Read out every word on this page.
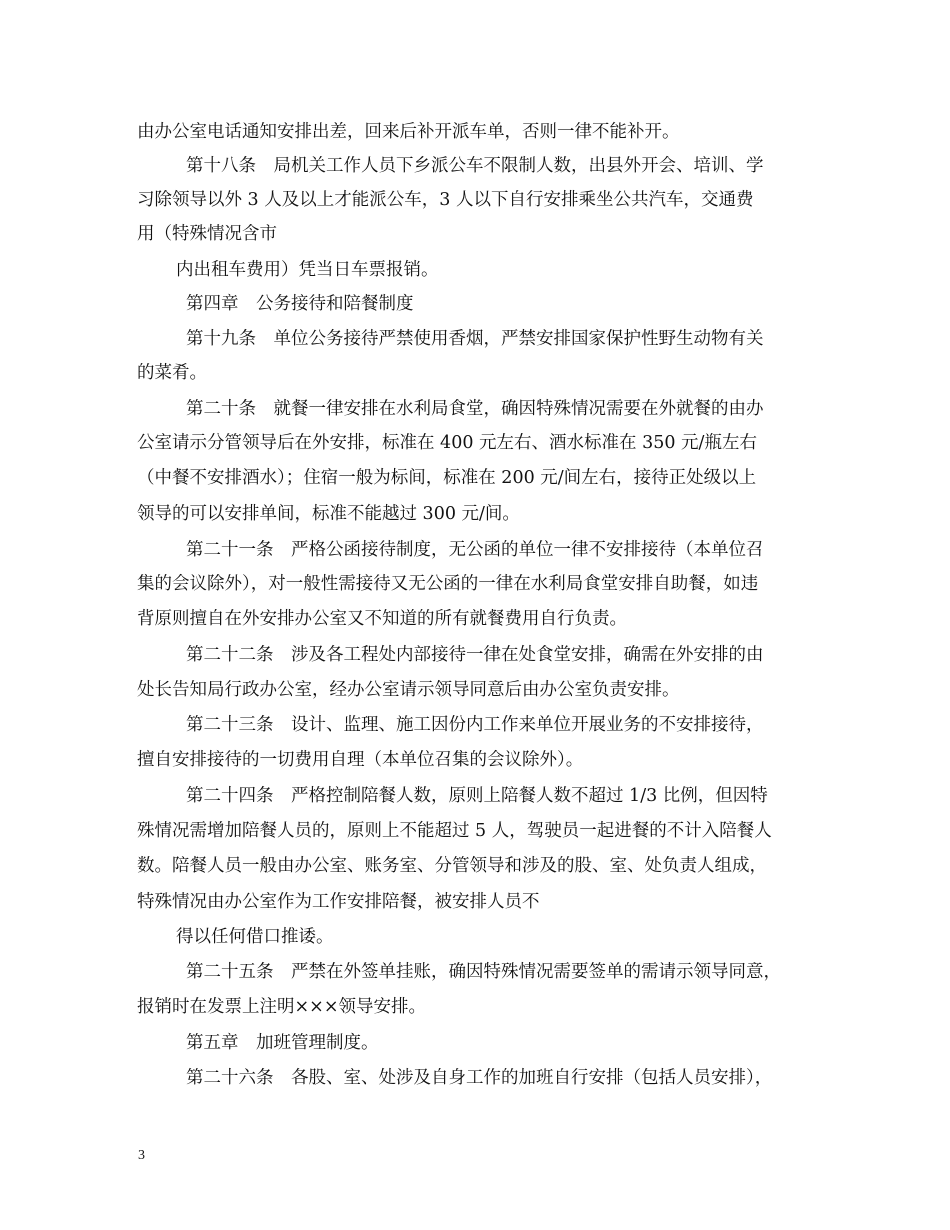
由办公室电话通知安排出差，回来后补开派车单，否则一律不能补开。
第十八条　局机关工作人员下乡派公车不限制人数，出县外开会、培训、学
习除领导以外 3 人及以上才能派公车，3 人以下自行安排乘坐公共汽车，交通费
用（特殊情况含市
内出租车费用）凭当日车票报销。
第四章　公务接待和陪餐制度
第十九条　单位公务接待严禁使用香烟，严禁安排国家保护性野生动物有关
的菜肴。
第二十条　就餐一律安排在水利局食堂，确因特殊情况需要在外就餐的由办
公室请示分管领导后在外安排，标准在 400 元左右、酒水标准在 350 元/瓶左右
（中餐不安排酒水）；住宿一般为标间，标准在 200 元/间左右，接待正处级以上
领导的可以安排单间，标准不能越过 300 元/间。
第二十一条　严格公函接待制度，无公函的单位一律不安排接待（本单位召
集的会议除外），对一般性需接待又无公函的一律在水利局食堂安排自助餐，如违
背原则擅自在外安排办公室又不知道的所有就餐费用自行负责。
第二十二条　涉及各工程处内部接待一律在处食堂安排，确需在外安排的由
处长告知局行政办公室，经办公室请示领导同意后由办公室负责安排。
第二十三条　设计、监理、施工因份内工作来单位开展业务的不安排接待，
擅自安排接待的一切费用自理（本单位召集的会议除外）。
第二十四条　严格控制陪餐人数，原则上陪餐人数不超过 1/3 比例，但因特
殊情况需增加陪餐人员的，原则上不能超过 5 人，驾驶员一起进餐的不计入陪餐人
数。陪餐人员一般由办公室、账务室、分管领导和涉及的股、室、处负责人组成，
特殊情况由办公室作为工作安排陪餐，被安排人员不
得以任何借口推诿。
第二十五条　严禁在外签单挂账，确因特殊情况需要签单的需请示领导同意，
报销时在发票上注明×××领导安排。
第五章　加班管理制度。
第二十六条　各股、室、处涉及自身工作的加班自行安排（包括人员安排），
3
